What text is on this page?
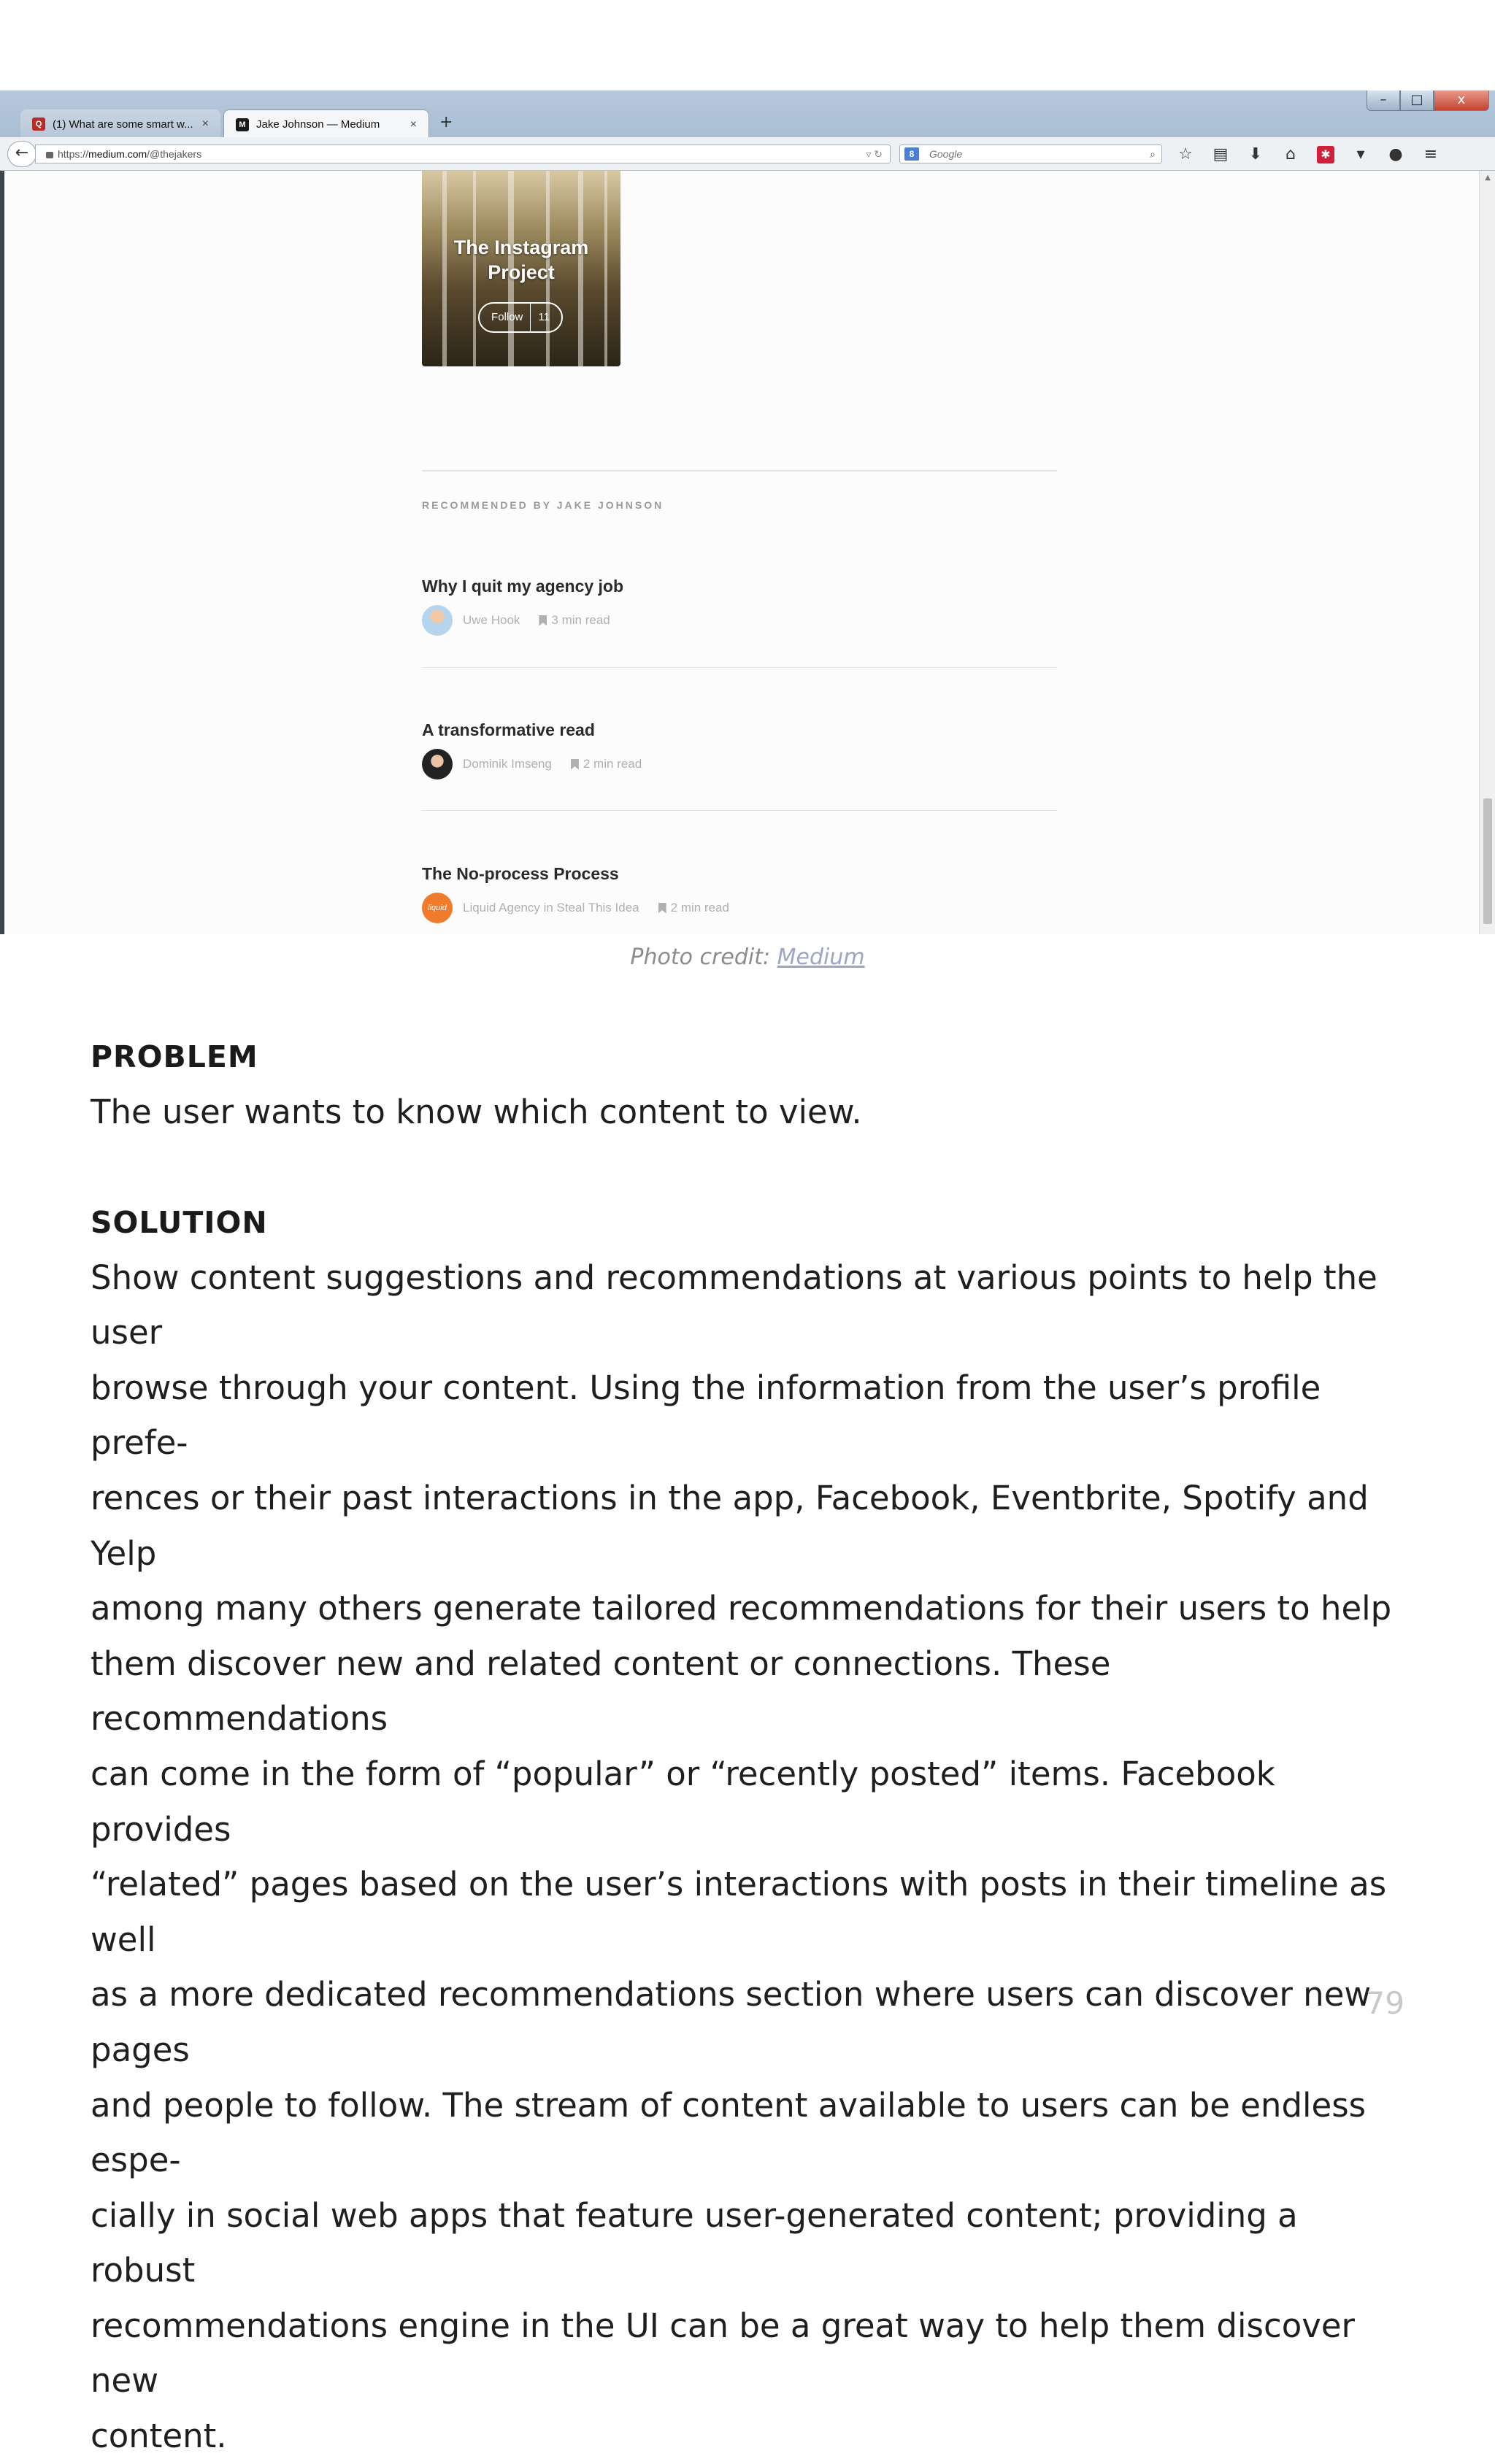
–	□	x
Q (1) What are some smart w... ×	M Jake Johnson — Medium	× +
←	https://medium.com/@thejakers	▿ ↻	8	Google	⌕	☆	▤	⬇	⌂	✱	▾	●	≡
The Instagram Project
Follow 11
RECOMMENDED BY JAKE JOHNSON
Why I quit my agency job
Uwe Hook	3 min read
A transformative read
Dominik Imseng	2 min read
The No-process Process
liquid	Liquid Agency in Steal This Idea	2 min read
▲
Photo credit: Medium
PROBLEM
The user wants to know which content to view.
SOLUTION
Show content suggestions and recommendations at various points to help the user
browse through your content. Using the information from the user’s profile prefe-
rences or their past interactions in the app, Facebook, Eventbrite, Spotify and Yelp
among many others generate tailored recommendations for their users to help
them discover new and related content or connections. These recommendations
can come in the form of “popular” or “recently posted” items. Facebook provides
“related” pages based on the user’s interactions with posts in their timeline as well
as a more dedicated recommendations section where users can discover new pages
and people to follow. The stream of content available to users can be endless espe-
cially in social web apps that feature user-generated content; providing a robust
recommendations engine in the UI can be a great way to help them discover new
content.
79
